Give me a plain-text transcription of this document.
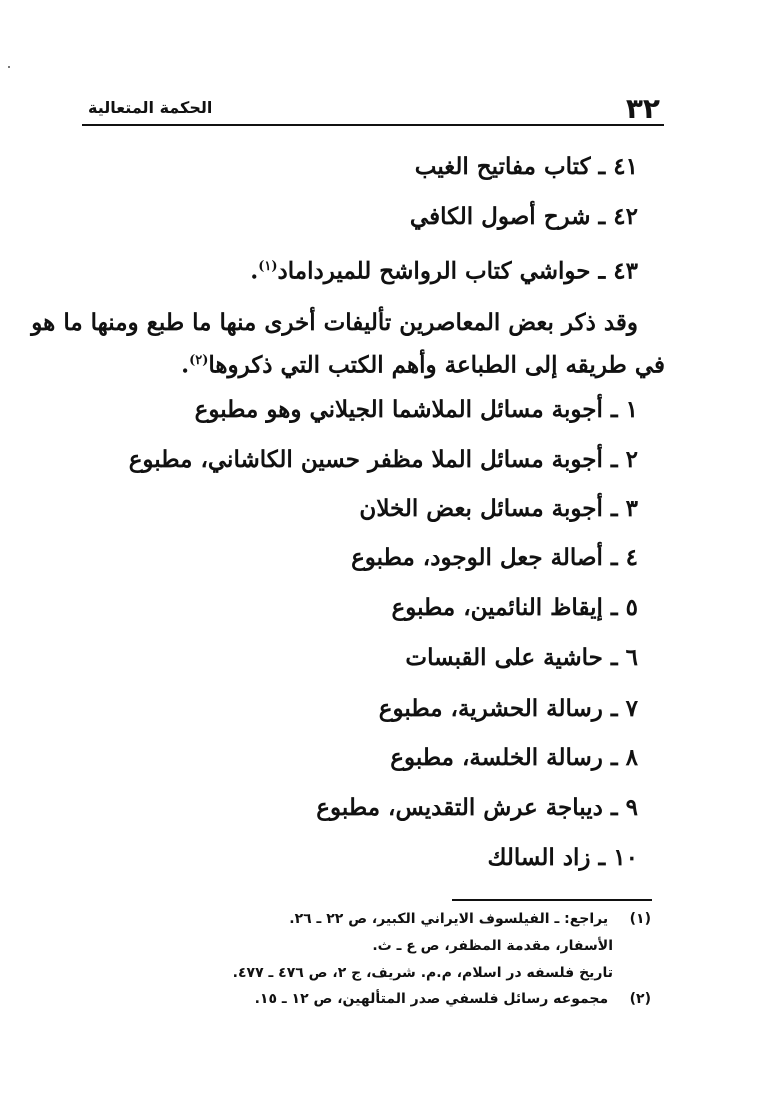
٣٢
الحكمة المتعالية
٤١ ـ كتاب مفاتيح الغيب
٤٢ ـ شرح أصول الكافي
٤٣ ـ حواشي كتاب الرواشح للميرداماد$^{(١)}$.
وقد ذكر بعض المعاصرين تأليفات أخرى منها ما طبع ومنها ما هو
في طريقه إلى الطباعة وأهم الكتب التي ذكروها$^{(٢)}$.
١ ـ أجوبة مسائل الملاشما الجيلاني وهو مطبوع
٢ ـ أجوبة مسائل الملا مظفر حسين الكاشاني، مطبوع
٣ ـ أجوبة مسائل بعض الخلان
٤ ـ أصالة جعل الوجود، مطبوع
٥ ـ إيقاظ النائمين، مطبوع
٦ ـ حاشية على القبسات
٧ ـ رسالة الحشرية، مطبوع
٨ ـ رسالة الخلسة، مطبوع
٩ ـ ديباجة عرش التقديس، مطبوع
١٠ ـ زاد السالك
(١) يراجع: ـ الفيلسوف الايراني الكبير، ص ٢٢ ـ ٢٦.
الأسفار، مقدمة المظفر، ص ع ـ ث.
تاريخ فلسفه در اسلام، م.م. شريف، ج ٢، ص ٤٧٦ ـ ٤٧٧.
(٢) مجموعه رسائل فلسفي صدر المتألهين، ص ١٢ ـ ١٥.
